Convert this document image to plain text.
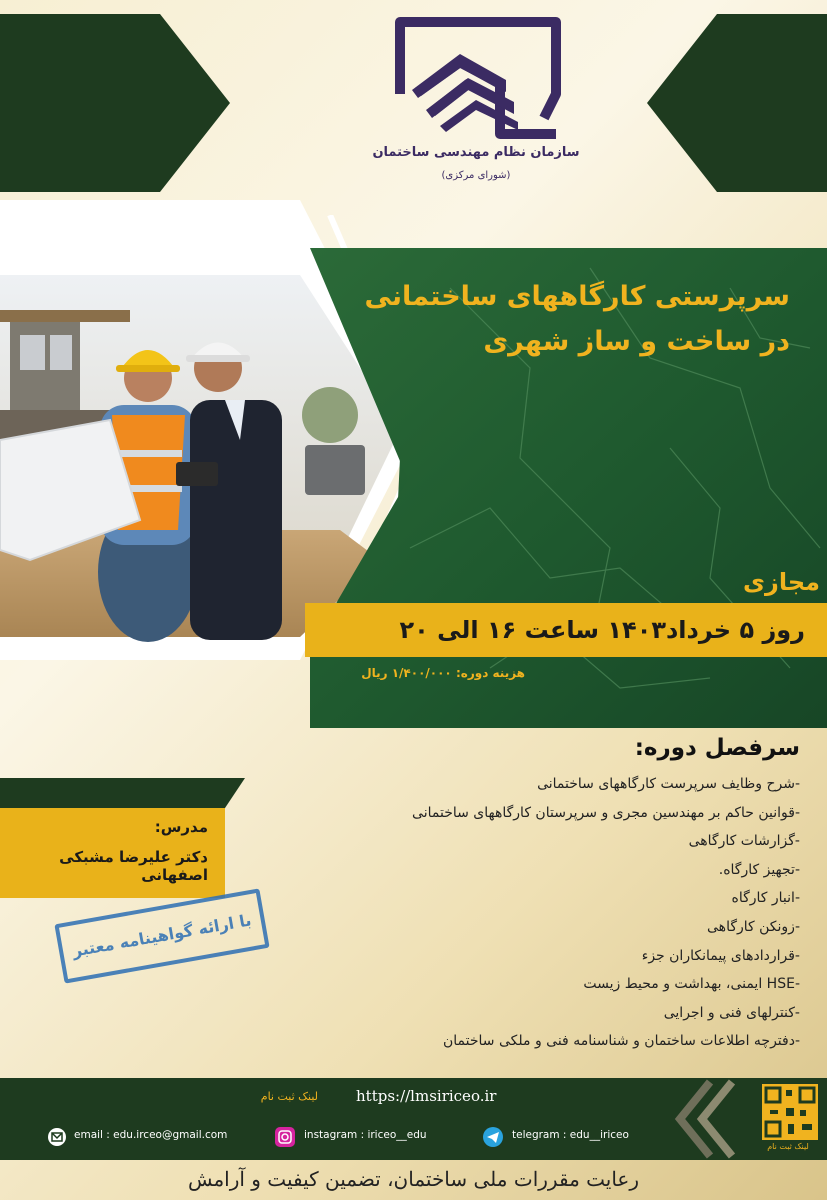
سازمان نظام مهندسی ساختمان
(شورای مرکزی)
سرپرستی کارگاههای ساختمانی
در ساخت و ساز شهری
مجازی
روز ۵ خرداد۱۴۰۳ ساعت ۱۶ الی ۲۰
هزینه دوره: ۱/۴۰۰/۰۰۰ ریال
سرفصل دوره:
-شرح وظایف سرپرست کارگاههای ساختمانی
-قوانین حاکم بر مهندسین مجری و سرپرستان کارگاههای ساختمانی
-گزارشات کارگاهی
-تجهیز کارگاه.
-انبار کارگاه
-زونکن کارگاهی
-قراردادهای پیمانکاران جزء
-HSE ایمنی، بهداشت و محیط زیست
-کنترلهای فنی و اجرایی
-دفترچه اطلاعات ساختمان و شناسنامه فنی و ملکی ساختمان
مدرس:
دکتر علیرضا مشبکی اصفهانی
با ارائه گواهینامه معتبر
لینک ثبت نام	https://lmsiriceo.ir
لینک ثبت نام
email : edu.irceo@gmail.com	instagram : iriceo__edu	telegram : edu__iriceo
رعایت مقررات ملی ساختمان، تضمین کیفیت و آرامش
